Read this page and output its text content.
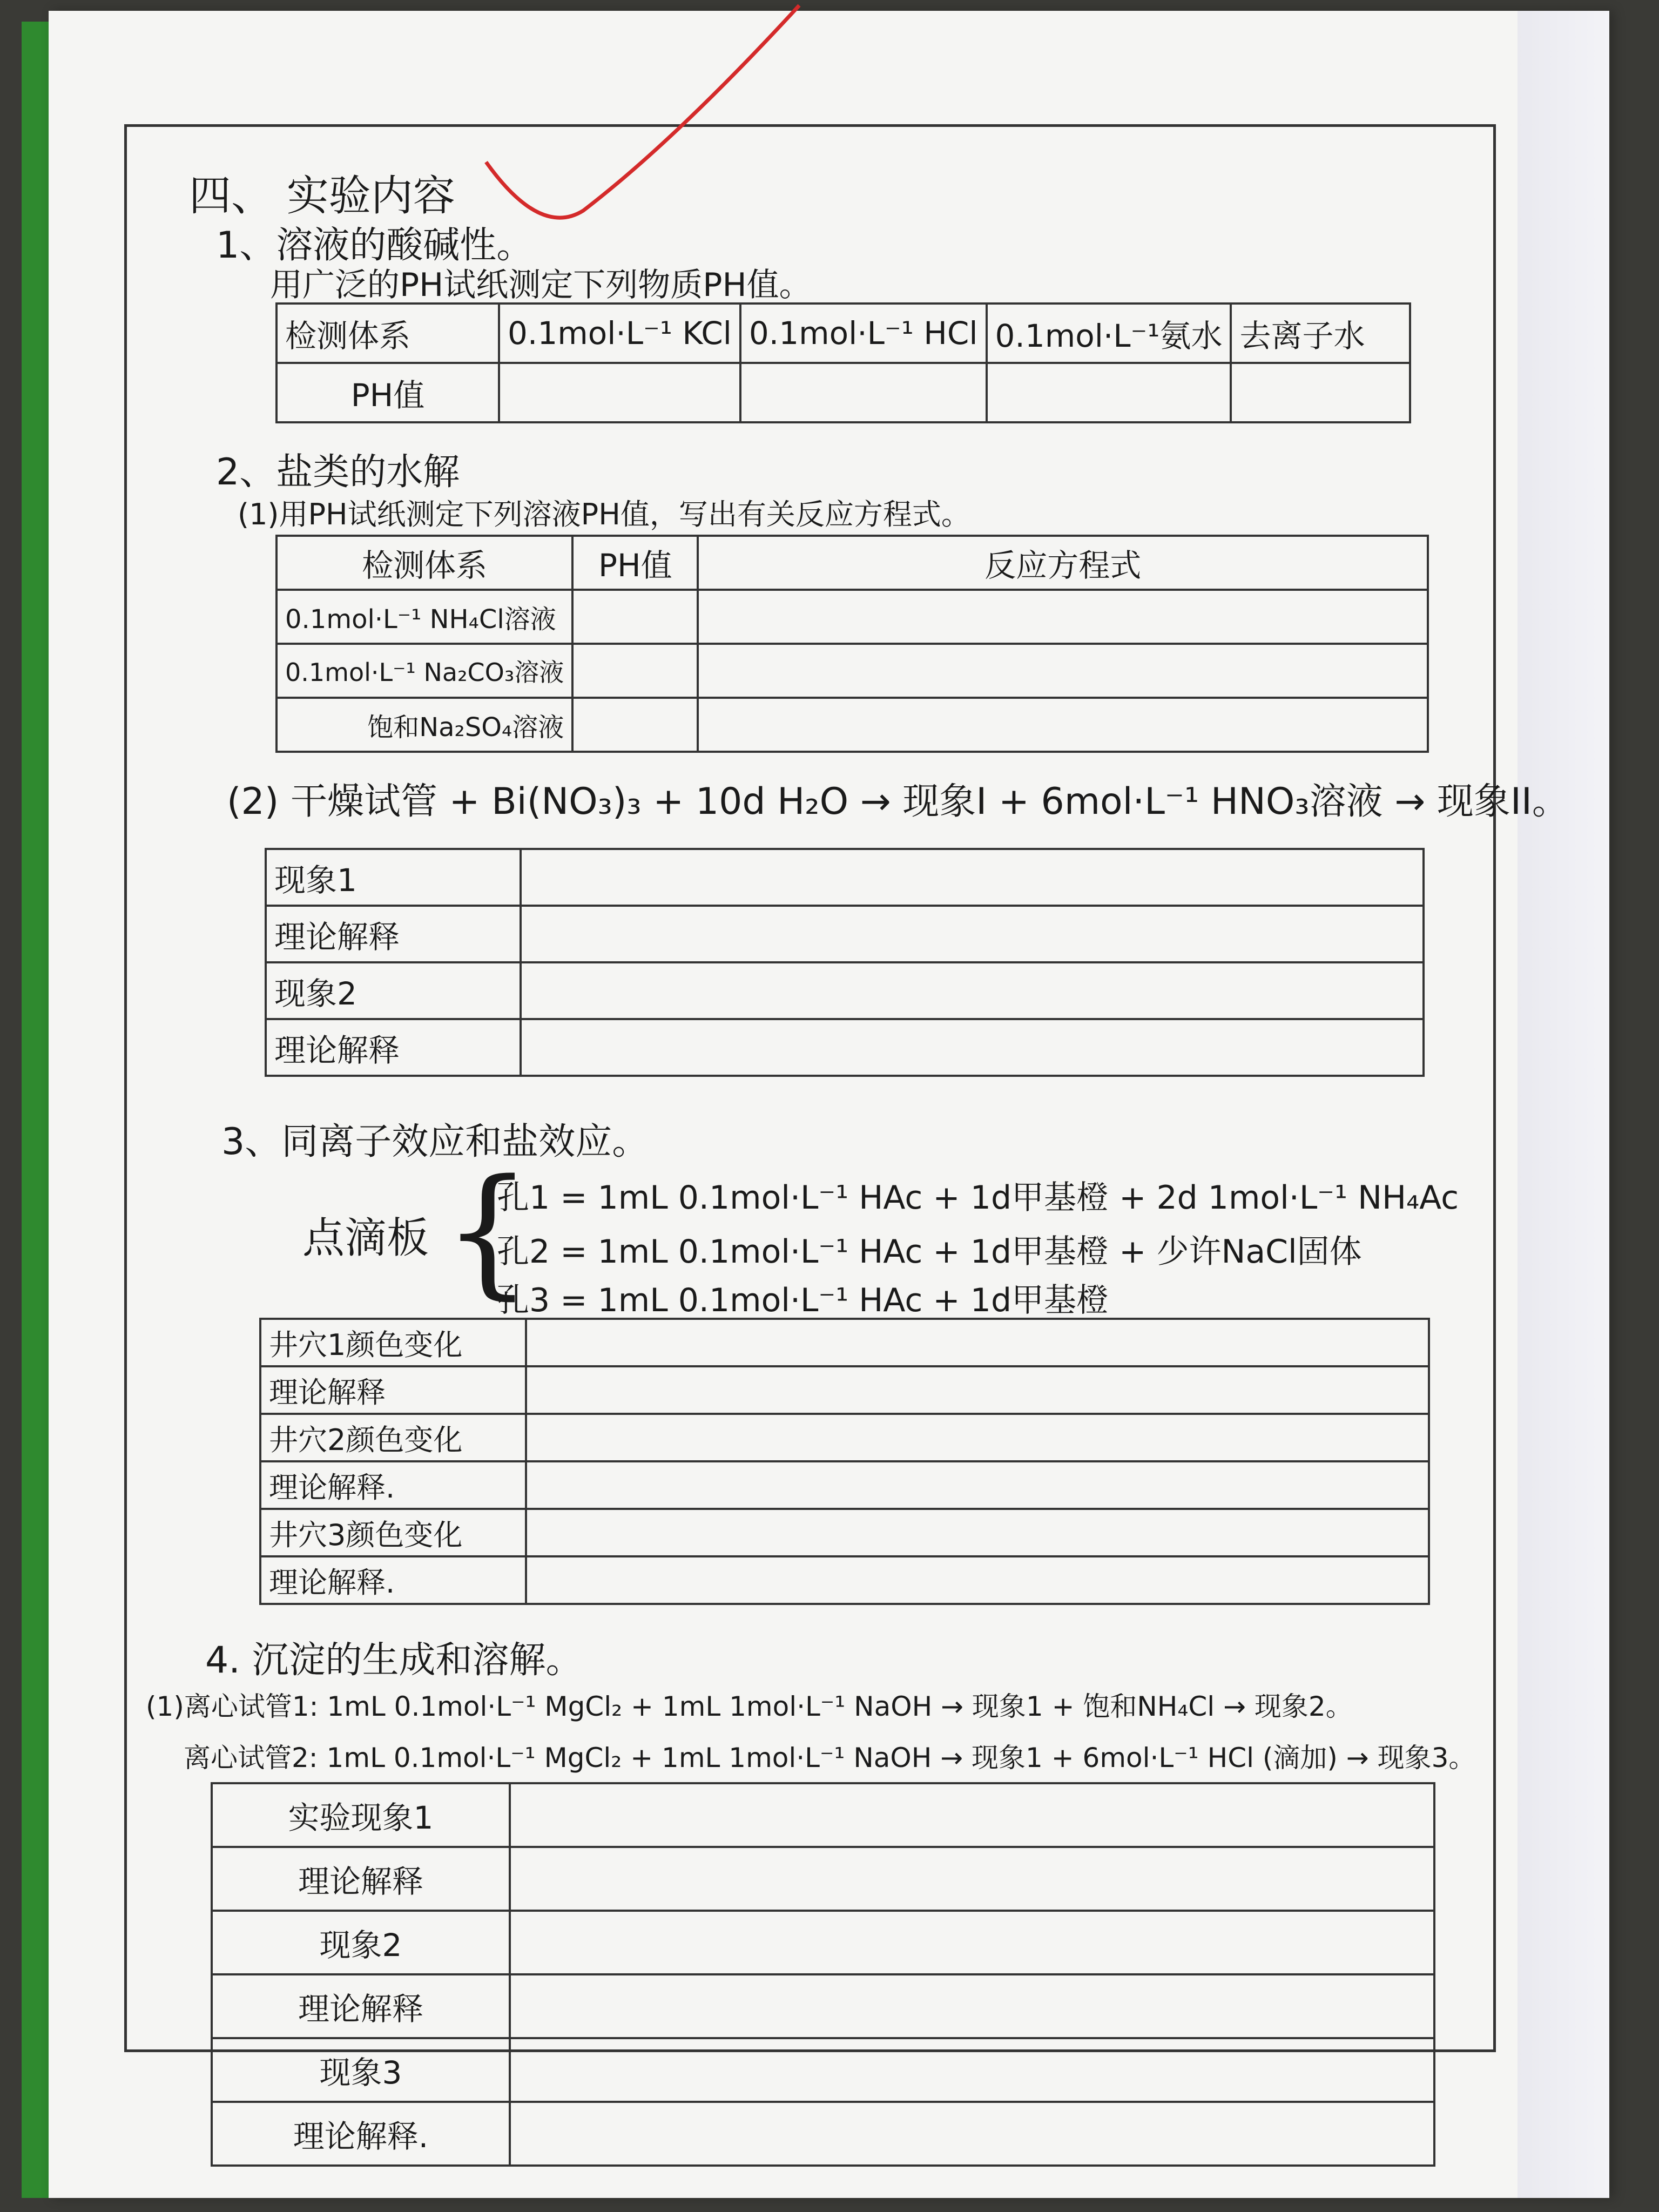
四、 实验内容
1、溶液的酸碱性。
用广泛的PH试纸测定下列物质PH值。
检测体系	0.1mol·L⁻¹ KCl	0.1mol·L⁻¹ HCl	0.1mol·L⁻¹氨水	去离子水
PH值				
2、盐类的水解
(1)用PH试纸测定下列溶液PH值，写出有关反应方程式。
检测体系	PH值	反应方程式
0.1mol·L⁻¹ NH₄Cl溶液		
0.1mol·L⁻¹ Na₂CO₃溶液		
饱和Na₂SO₄溶液		
(2) 干燥试管 + Bi(NO₃)₃ + 10d H₂O → 现象I + 6mol·L⁻¹ HNO₃溶液 → 现象II。
现象1	
理论解释	
现象2	
理论解释	
3、同离子效应和盐效应。
点滴板 {
孔1 = 1mL 0.1mol·L⁻¹ HAc + 1d甲基橙 + 2d 1mol·L⁻¹ NH₄Ac
孔2 = 1mL 0.1mol·L⁻¹ HAc + 1d甲基橙 + 少许NaCl固体
孔3 = 1mL 0.1mol·L⁻¹ HAc + 1d甲基橙
井穴1颜色变化	
理论解释	
井穴2颜色变化	
理论解释.	
井穴3颜色变化	
理论解释.	
4. 沉淀的生成和溶解。
(1)离心试管1: 1mL 0.1mol·L⁻¹ MgCl₂ + 1mL 1mol·L⁻¹ NaOH → 现象1 + 饱和NH₄Cl → 现象2。
离心试管2: 1mL 0.1mol·L⁻¹ MgCl₂ + 1mL 1mol·L⁻¹ NaOH → 现象1 + 6mol·L⁻¹ HCl (滴加) → 现象3。
实验现象1	
理论解释	
现象2	
理论解释	
现象3	
理论解释.	
